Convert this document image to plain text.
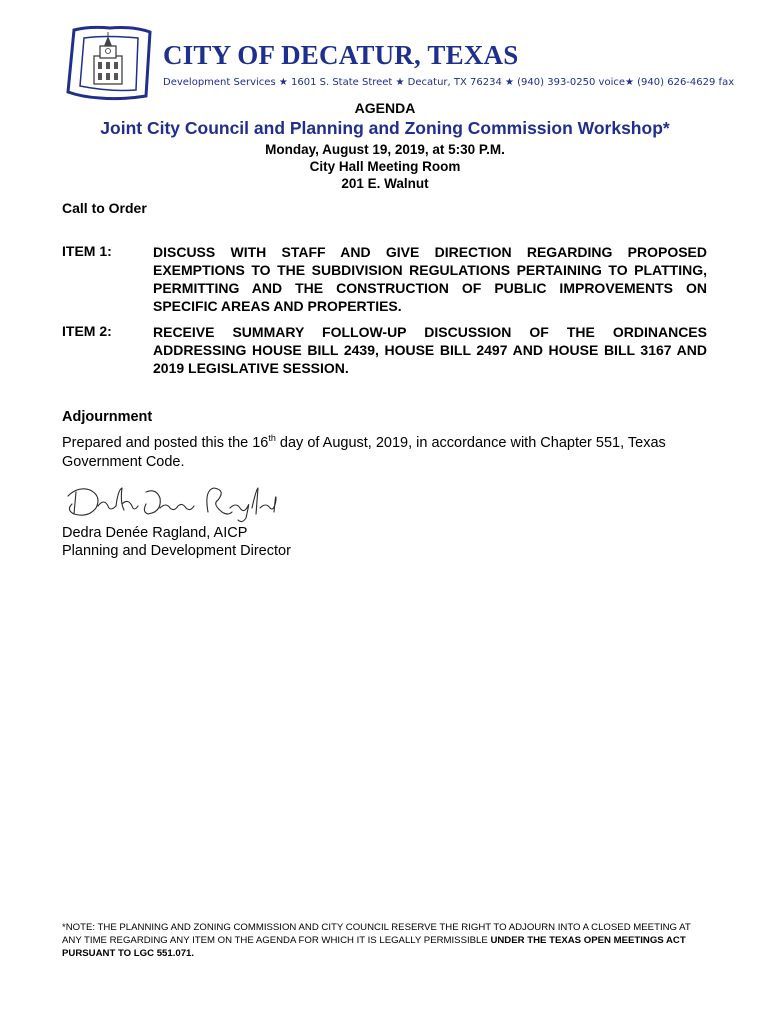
CITY OF DECATUR, TEXAS
Development Services ★ 1601 S. State Street ★ Decatur, TX 76234 ★ (940) 393-0250 voice★ (940) 626-4629 fax
AGENDA
Joint City Council and Planning and Zoning Commission Workshop*
Monday, August 19, 2019, at 5:30 P.M.
City Hall Meeting Room
201 E. Walnut
Call to Order
ITEM 1:	DISCUSS WITH STAFF AND GIVE DIRECTION REGARDING PROPOSED EXEMPTIONS TO THE SUBDIVISION REGULATIONS PERTAINING TO PLATTING, PERMITTING AND THE CONSTRUCTION OF PUBLIC IMPROVEMENTS ON SPECIFIC AREAS AND PROPERTIES.
ITEM 2:	RECEIVE SUMMARY FOLLOW-UP DISCUSSION OF THE ORDINANCES ADDRESSING HOUSE BILL 2439, HOUSE BILL 2497 AND HOUSE BILL 3167 AND 2019 LEGISLATIVE SESSION.
Adjournment
Prepared and posted this the 16th day of August, 2019, in accordance with Chapter 551, Texas Government Code.
Dedra Denée Ragland, AICP
Planning and Development Director
*NOTE: THE PLANNING AND ZONING COMMISSION AND CITY COUNCIL RESERVE THE RIGHT TO ADJOURN INTO A CLOSED MEETING AT ANY TIME REGARDING ANY ITEM ON THE AGENDA FOR WHICH IT IS LEGALLY PERMISSIBLE UNDER THE TEXAS OPEN MEETINGS ACT PURSUANT TO LGC 551.071.
